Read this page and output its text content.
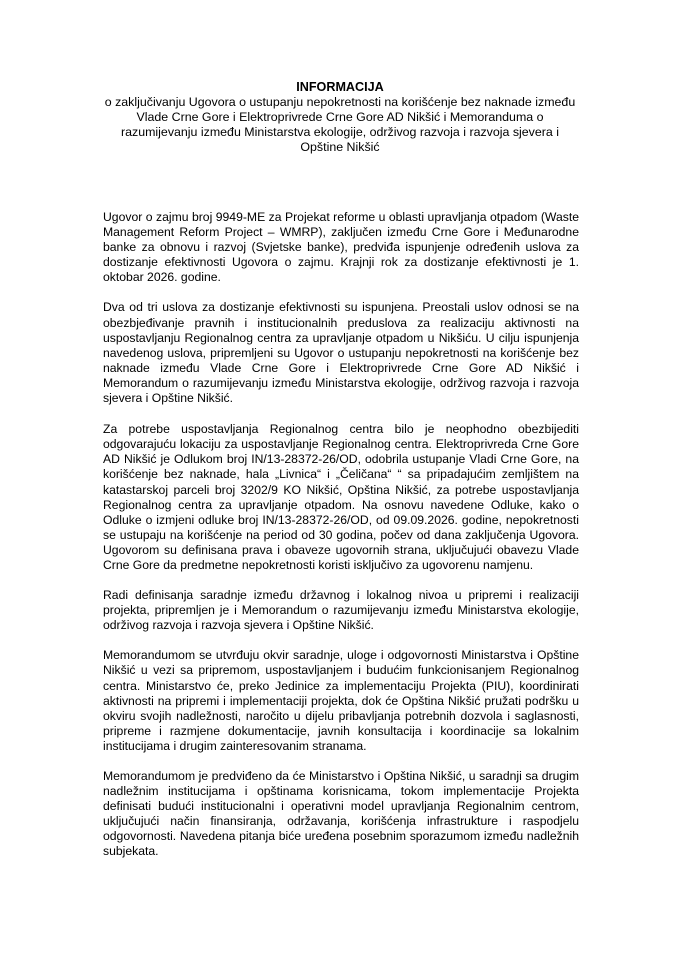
INFORMACIJA
o zaključivanju Ugovora o ustupanju nepokretnosti na korišćenje bez naknade između Vlade Crne Gore i Elektroprivrede Crne Gore AD Nikšić i Memoranduma o razumijevanju između Ministarstva ekologije, održivog razvoja i razvoja sjevera i Opštine Nikšić

Ugovor o zajmu broj 9949-ME za Projekat reforme u oblasti upravljanja otpadom (Waste Management Reform Project – WMRP), zaključen između Crne Gore i Međunarodne banke za obnovu i razvoj (Svjetske banke), predviđa ispunjenje određenih uslova za dostizanje efektivnosti Ugovora o zajmu. Krajnji rok za dostizanje efektivnosti je 1. oktobar 2026. godine.

Dva od tri uslova za dostizanje efektivnosti su ispunjena. Preostali uslov odnosi se na obezbjeđivanje pravnih i institucionalnih preduslova za realizaciju aktivnosti na uspostavljanju Regionalnog centra za upravljanje otpadom u Nikšiću. U cilju ispunjenja navedenog uslova, pripremljeni su Ugovor o ustupanju nepokretnosti na korišćenje bez naknade između Vlade Crne Gore i Elektroprivrede Crne Gore AD Nikšić i Memorandum o razumijevanju između Ministarstva ekologije, održivog razvoja i razvoja sjevera i Opštine Nikšić.

Za potrebe uspostavljanja Regionalnog centra bilo je neophodno obezbijediti odgovarajuću lokaciju za uspostavljanje Regionalnog centra. Elektroprivreda Crne Gore AD Nikšić je Odlukom broj IN/13-28372-26/OD, odobrila ustupanje Vladi Crne Gore, na korišćenje bez naknade, hala „Livnica“ i „Čeličana“ “ sa pripadajućim zemljištem na katastarskoj parceli broj 3202/9 KO Nikšić, Opština Nikšić, za potrebe uspostavljanja Regionalnog centra za upravljanje otpadom. Na osnovu navedene Odluke, kako o Odluke o izmjeni odluke broj IN/13-28372-26/OD, od 09.09.2026. godine, nepokretnosti se ustupaju na korišćenje na period od 30 godina, počev od dana zaključenja Ugovora. Ugovorom su definisana prava i obaveze ugovornih strana, uključujući obavezu Vlade Crne Gore da predmetne nepokretnosti koristi isključivo za ugovorenu namjenu.

Radi definisanja saradnje između državnog i lokalnog nivoa u pripremi i realizaciji projekta, pripremljen je i Memorandum o razumijevanju između Ministarstva ekologije, održivog razvoja i razvoja sjevera i Opštine Nikšić.

Memorandumom se utvrđuju okvir saradnje, uloge i odgovornosti Ministarstva i Opštine Nikšić u vezi sa pripremom, uspostavljanjem i budućim funkcionisanjem Regionalnog centra. Ministarstvo će, preko Jedinice za implementaciju Projekta (PIU), koordinirati aktivnosti na pripremi i implementaciji projekta, dok će Opština Nikšić pružati podršku u okviru svojih nadležnosti, naročito u dijelu pribavljanja potrebnih dozvola i saglasnosti, pripreme i razmjene dokumentacije, javnih konsultacija i koordinacije sa lokalnim institucijama i drugim zainteresovanim stranama.

Memorandumom je predviđeno da će Ministarstvo i Opština Nikšić, u saradnji sa drugim nadležnim institucijama i opštinama korisnicama, tokom implementacije Projekta definisati budući institucionalni i operativni model upravljanja Regionalnim centrom, uključujući način finansiranja, održavanja, korišćenja infrastrukture i raspodjelu odgovornosti. Navedena pitanja biće uređena posebnim sporazumom između nadležnih subjekata.
